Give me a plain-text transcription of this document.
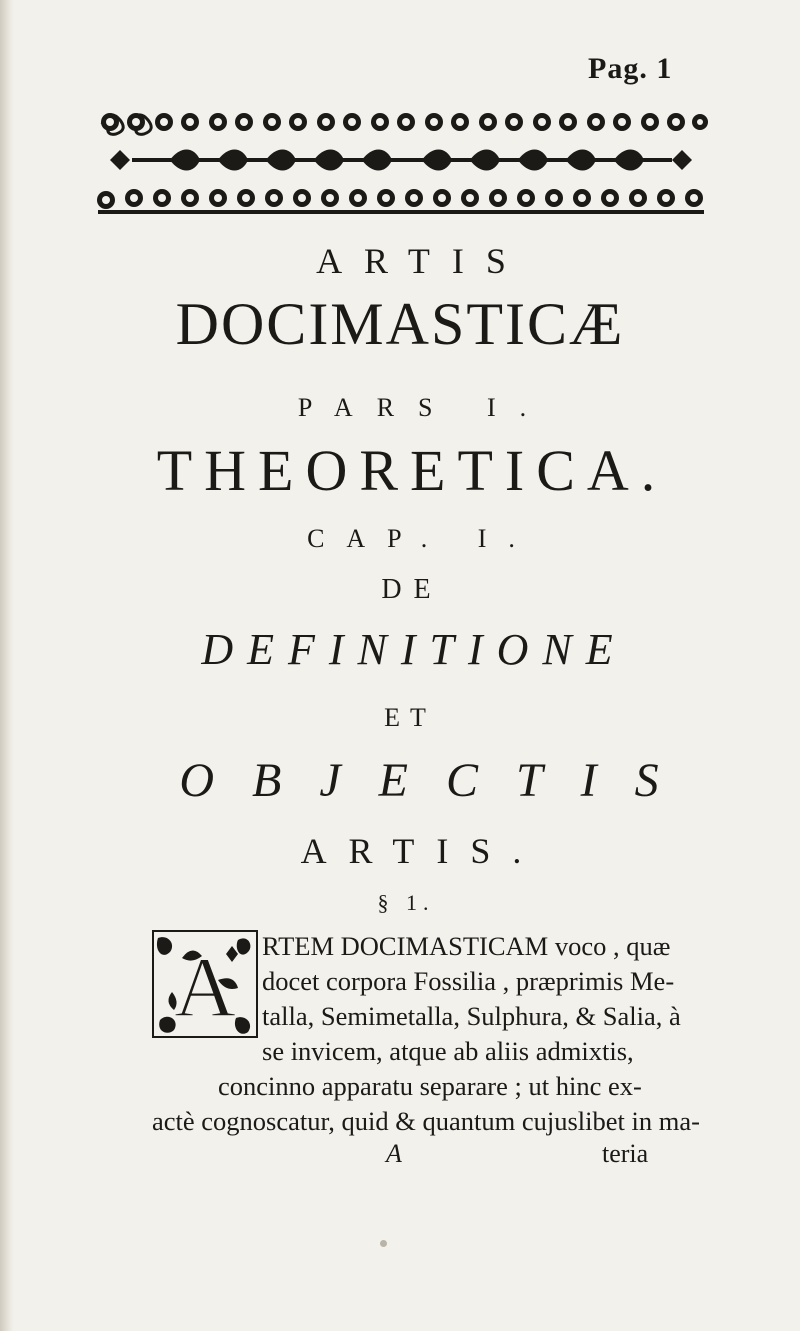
Pag. 1
ARTIS
DOCIMASTICÆ
PARS I.
THEORETICA.
CAP. I.
DE
DEFINITIONE
ET
OBJECTIS
ARTIS.
§ 1.
A RTEM DOCIMASTICAM voco , quæ
docet corpora Fossilia , præprimis Me-
talla, Semimetalla, Sulphura, & Salia, à
se invicem, atque ab aliis admixtis,
concinno apparatu separare ; ut hinc ex-
actè cognoscatur, quid & quantum cujuslibet in ma-
A	teria
